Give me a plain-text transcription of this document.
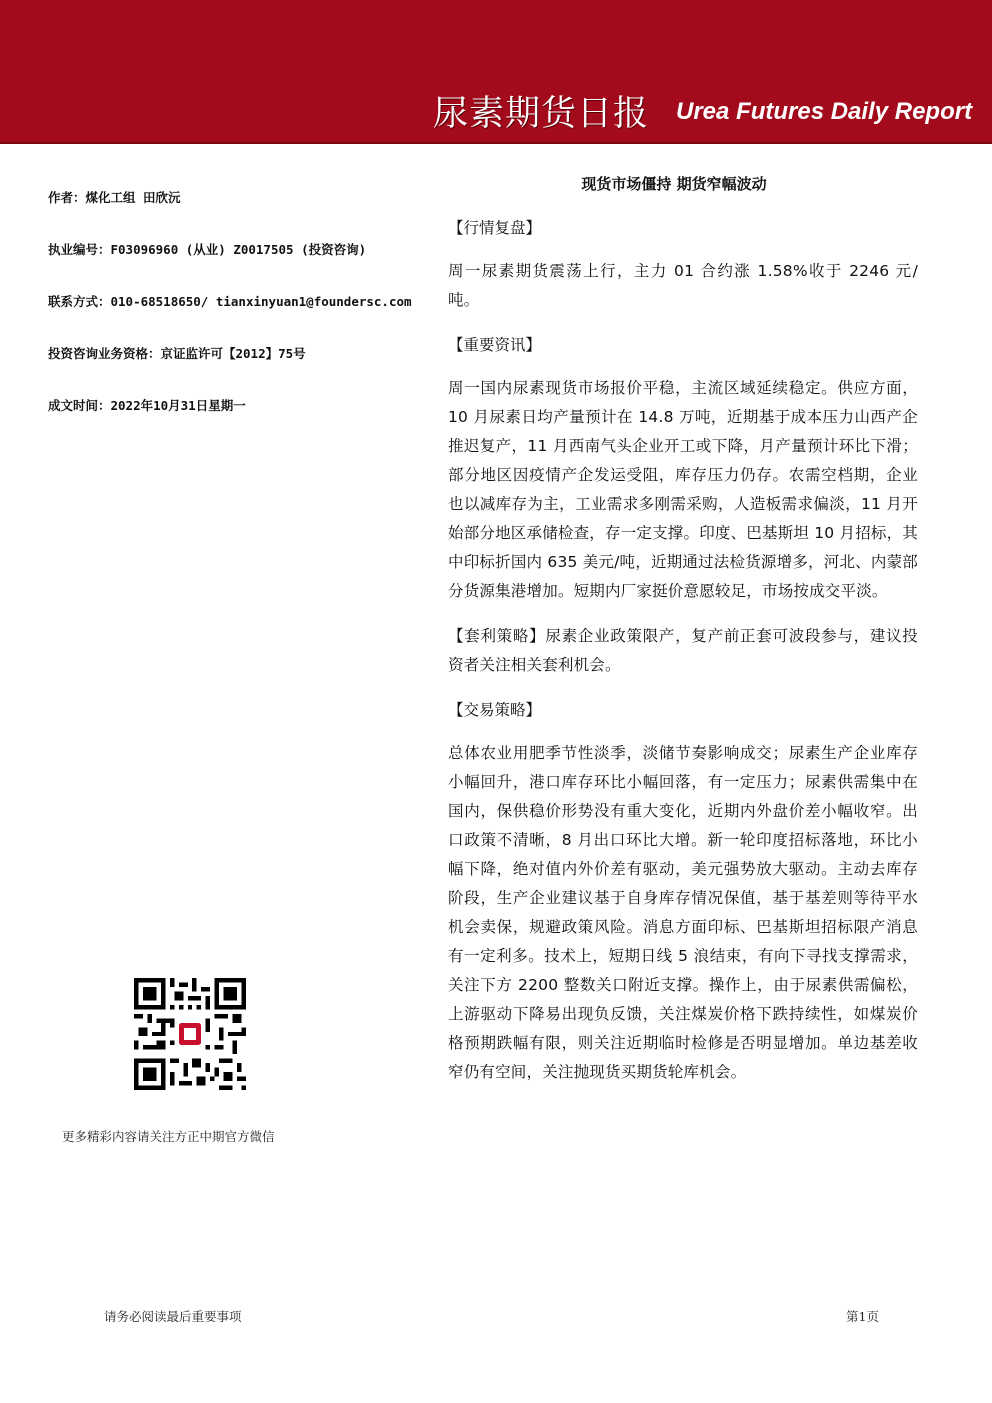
尿素期货日报 Urea Futures Daily Report
作者：煤化工组 田欣沅
执业编号：F03096960 (从业) Z0017505 (投资咨询)
联系方式：010-68518650/ tianxinyuan1@foundersc.com
投资咨询业务资格：京证监许可【2012】75号
成文时间：2022年10月31日星期一
现货市场僵持 期货窄幅波动
【行情复盘】
周一尿素期货震荡上行，主力 01 合约涨 1.58%收于 2246 元/吨。
【重要资讯】
周一国内尿素现货市场报价平稳，主流区域延续稳定。供应方面，10 月尿素日均产量预计在 14.8 万吨，近期基于成本压力山西产企推迟复产，11 月西南气头企业开工或下降，月产量预计环比下滑；部分地区因疫情产企发运受阻，库存压力仍存。农需空档期，企业也以减库存为主，工业需求多刚需采购，人造板需求偏淡，11 月开始部分地区承储检查，存一定支撑。印度、巴基斯坦 10 月招标，其中印标折国内 635 美元/吨，近期通过法检货源增多，河北、内蒙部分货源集港增加。短期内厂家挺价意愿较足，市场按成交平淡。
【套利策略】尿素企业政策限产，复产前正套可波段参与，建议投资者关注相关套利机会。
【交易策略】
总体农业用肥季节性淡季，淡储节奏影响成交；尿素生产企业库存小幅回升，港口库存环比小幅回落，有一定压力；尿素供需集中在国内，保供稳价形势没有重大变化，近期内外盘价差小幅收窄。出口政策不清晰，8 月出口环比大增。新一轮印度招标落地，环比小幅下降，绝对值内外价差有驱动，美元强势放大驱动。主动去库存阶段，生产企业建议基于自身库存情况保值，基于基差则等待平水机会卖保，规避政策风险。消息方面印标、巴基斯坦招标限产消息有一定利多。技术上，短期日线 5 浪结束，有向下寻找支撑需求，关注下方 2200 整数关口附近支撑。操作上，由于尿素供需偏松，上游驱动下降易出现负反馈，关注煤炭价格下跌持续性，如煤炭价格预期跌幅有限，则关注近期临时检修是否明显增加。单边基差收窄仍有空间，关注抛现货买期货轮库机会。
更多精彩内容请关注方正中期官方微信
请务必阅读最后重要事项	第1页
